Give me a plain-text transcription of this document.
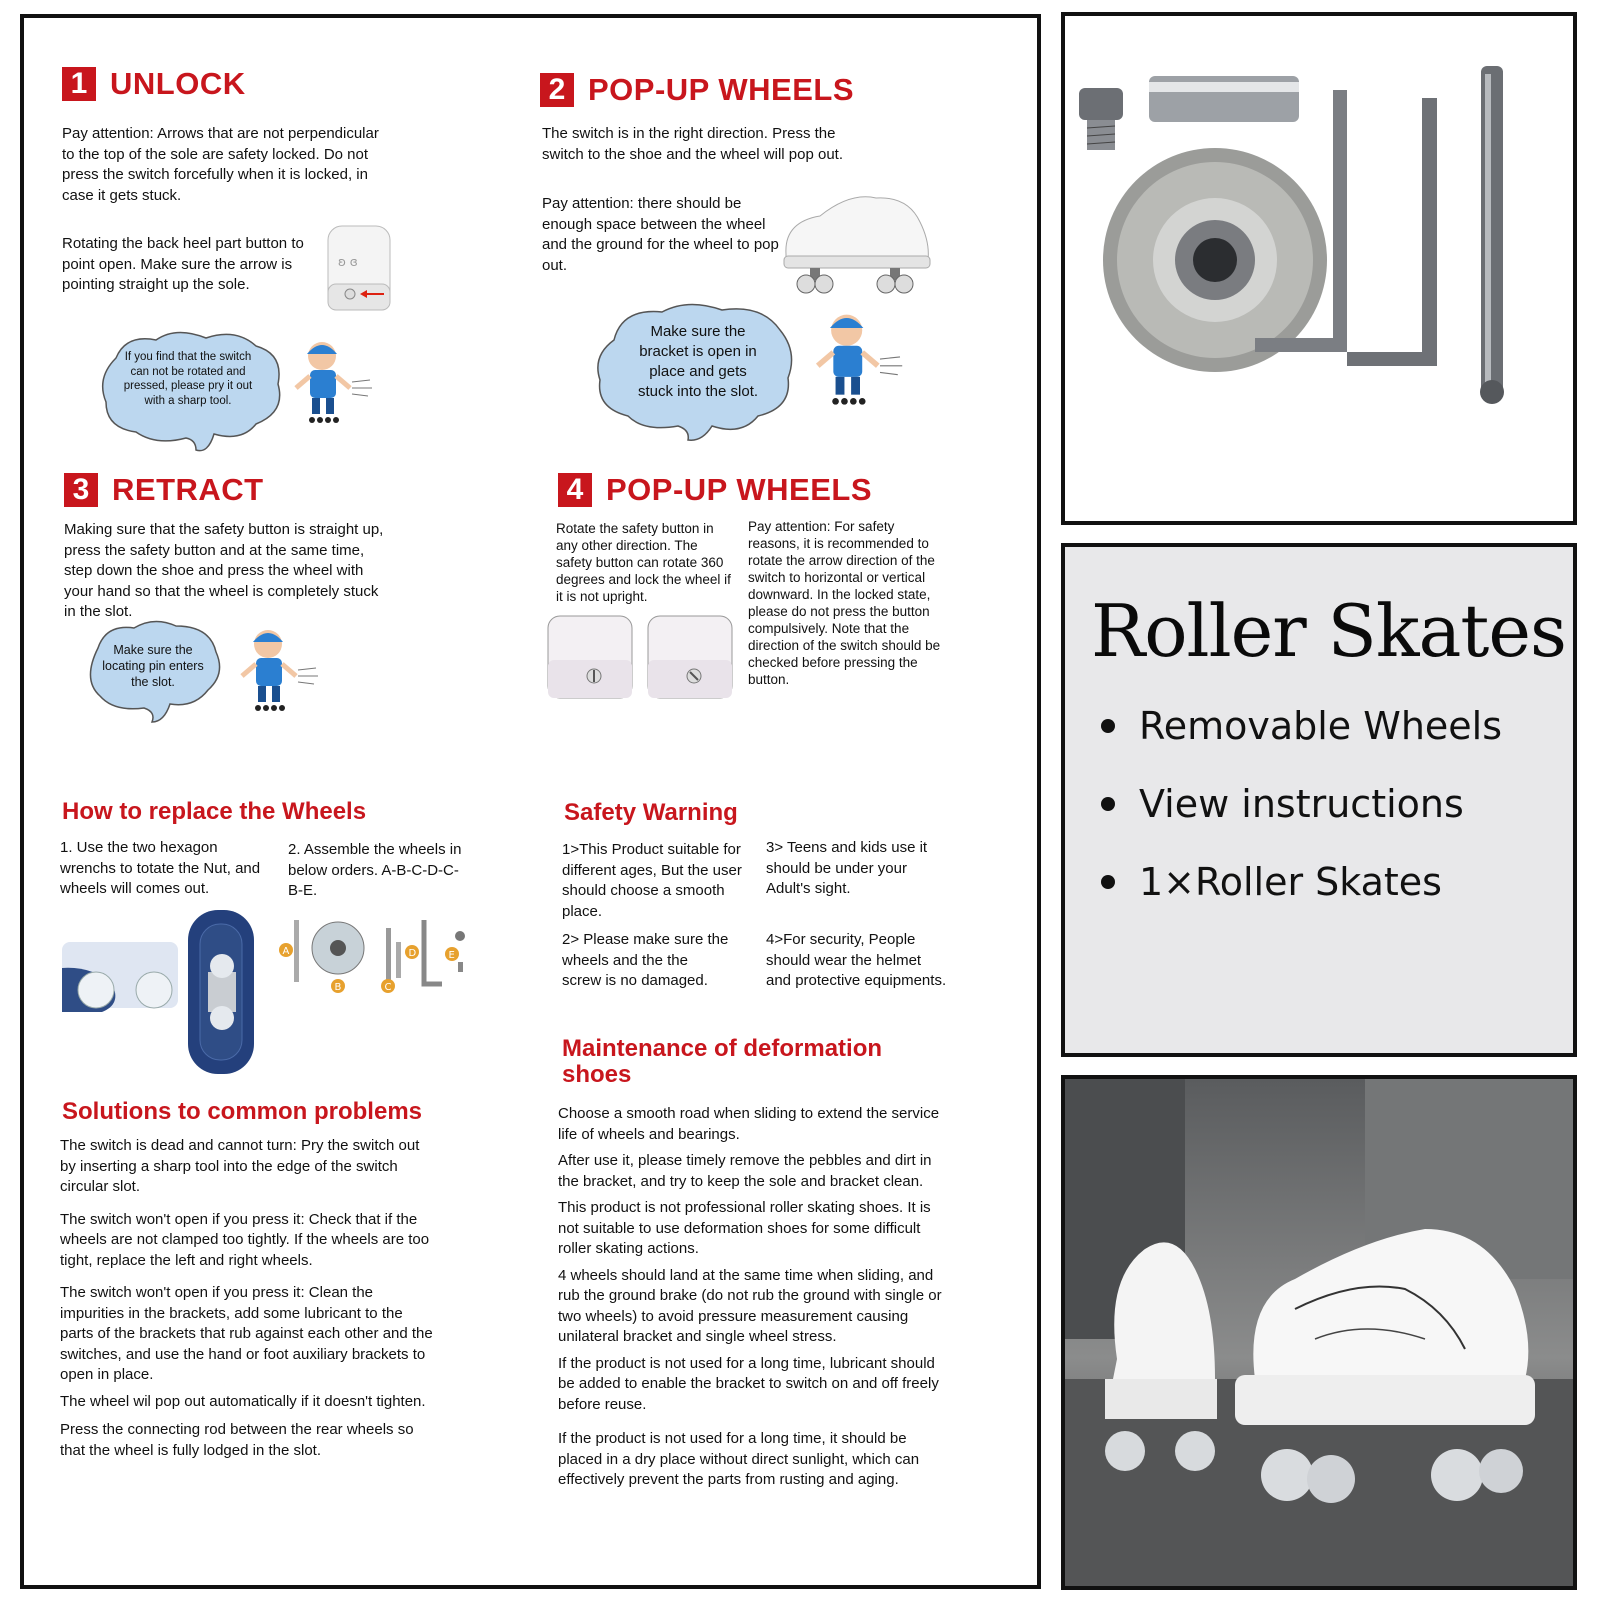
1 UNLOCK
Pay attention: Arrows that are not perpendicular to the top of the sole are safety locked. Do not press the switch forcefully when it is locked, in case it gets stuck.
Rotating the back heel part button to point open. Make sure the arrow is pointing straight up the sole.
ʚ ɞ
If you find that the switch can not be rotated and pressed, please pry it out with a sharp tool.
2 POP-UP WHEELS
The switch is in the right direction. Press the switch to the shoe and the wheel will pop out.
Pay attention: there should be enough space between the wheel and the ground for the wheel to pop out.
Make sure the bracket is open in place and gets stuck into the slot.
3 RETRACT
Making sure that the safety button is straight up, press the safety button and at the same time, step down the shoe and press the wheel with your hand so that the wheel is completely stuck in the slot.
Make sure the locating pin enters the slot.
4 POP-UP WHEELS
Rotate the safety button in any other direction. The safety button can rotate 360 degrees and lock the wheel if it is not upright.
Pay attention: For safety reasons, it is recommended to rotate the arrow direction of the switch to horizontal or vertical downward. In the locked state, please do not press the button compulsively. Note that the direction of the switch should be checked before pressing the button.
How to replace the Wheels
1. Use the two hexagon wrenchs to totate the Nut, and wheels will comes out.
2. Assemble the wheels in below orders. A-B-C-D-C- B-E.
A
B	C
D	E
Safety Warning
1>This Product suitable for different ages, But the user should choose a smooth place.
2> Please make sure the wheels and the the screw is no damaged.
3> Teens and kids use it should be under your Adult's sight.
4>For security, People should wear the helmet and protective equipments.
Maintenance of deformation shoes

Choose a smooth road when sliding to extend the service life of wheels and bearings.

After use it, please timely remove the pebbles and dirt in the bracket, and try to keep the sole and bracket clean.

This product is not professional roller skating shoes. It is not suitable to use deformation shoes for some difficult roller skating actions.

4 wheels should land at the same time when sliding, and rub the ground brake (do not rub the ground with single or two wheels) to avoid pressure measurement causing unilateral bracket and single wheel stress.

If the product is not used for a long time, lubricant should be added to enable the bracket to switch on and off freely before reuse.

If the product is not used for a long time, it should be placed in a dry place without direct sunlight, which can effectively prevent the parts from rusting and aging.

Solutions to common problems

The switch is dead and cannot turn: Pry the switch out by inserting a sharp tool into the edge of the switch circular slot.

The switch won't open if you press it: Check that if the wheels are not clamped too tightly. If the wheels are too tight, replace the left and right wheels.

The switch won't open if you press it: Clean the impurities in the brackets, add some lubricant to the parts of the brackets that rub against each other and the switches, and use the hand or foot auxiliary brackets to open in place.

The wheel wil pop out automatically if it doesn't tighten.

Press the connecting rod between the rear wheels so that the wheel is fully lodged in the slot.

Roller Skates
Removable Wheels
View instructions
1×Roller Skates
